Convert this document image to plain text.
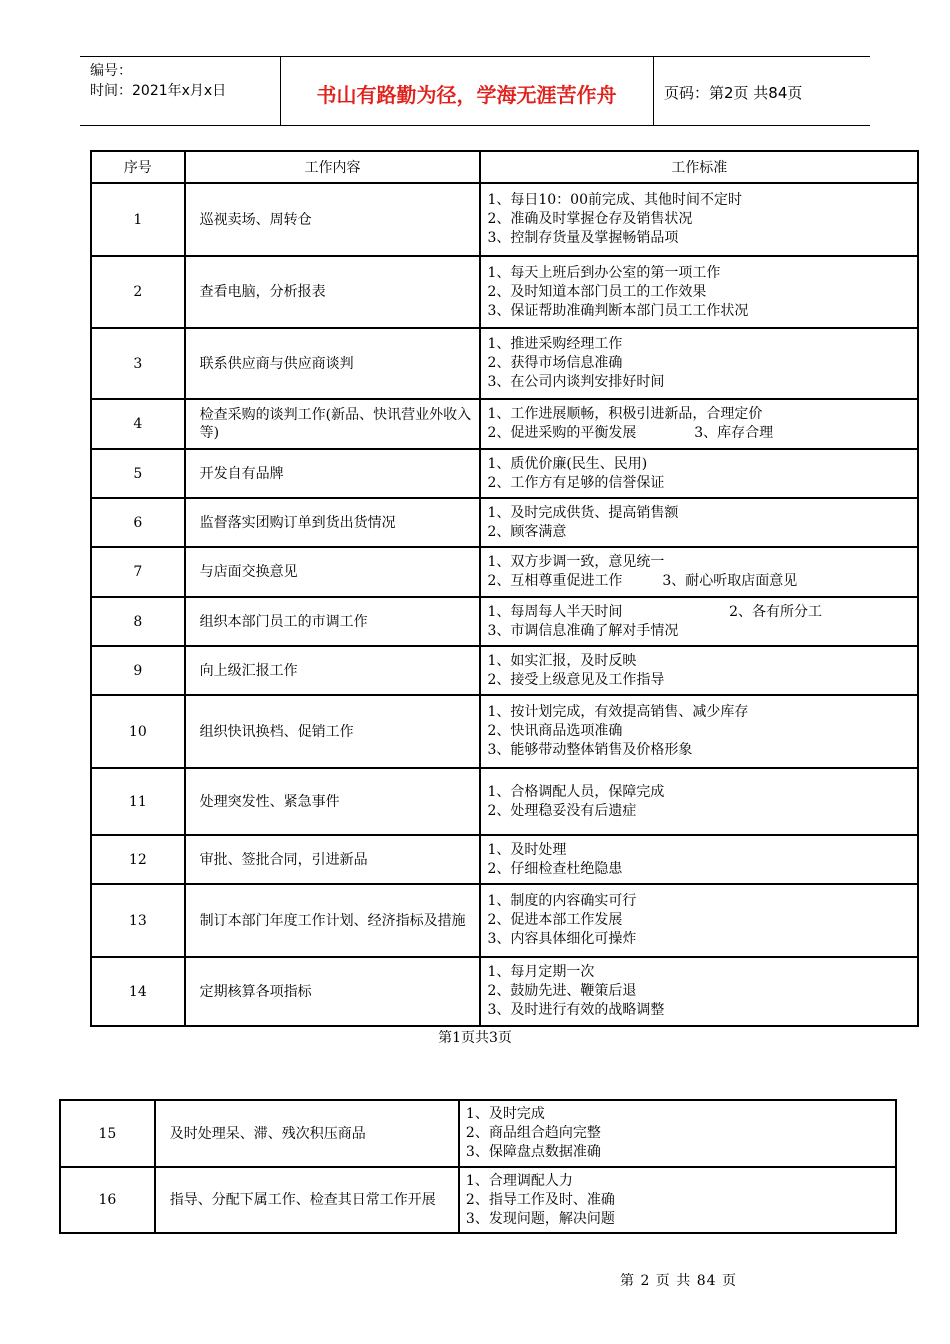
编号：
时间：2021年x月x日	书山有路勤为径，学海无涯苦作舟	页码：第2页 共84页
序号	工作内容	工作标准
1	巡视卖场、周转仓	1、每日10：00前完成、其他时间不定时
2、准确及时掌握仓存及销售状况
3、控制存货量及掌握畅销品项

2	查看电脑，分析报表	1、每天上班后到办公室的第一项工作
2、及时知道本部门员工的工作效果
3、保证帮助准确判断本部门员工工作状况

3	联系供应商与供应商谈判	1、推进采购经理工作
2、获得市场信息准确
3、在公司内谈判安排好时间

4	检查采购的谈判工作(新品、快讯营业外收入等)	1、工作进展顺畅，积极引进新品，合理定价
2、促进采购的平衡发展             3、库存合理

5	开发自有品牌	1、质优价廉(民生、民用)
2、工作方有足够的信誉保证

6	监督落实团购订单到货出货情况	1、及时完成供货、提高销售额
2、顾客满意

7	与店面交换意见	1、双方步调一致，意见统一
2、互相尊重促进工作         3、耐心听取店面意见

8	组织本部门员工的市调工作	1、每周每人半天时间                        2、各有所分工
3、市调信息准确了解对手情况

9	向上级汇报工作	1、如实汇报，及时反映
2、接受上级意见及工作指导

10	组织快讯换档、促销工作	1、按计划完成，有效提高销售、减少库存
2、快讯商品选项准确
3、能够带动整体销售及价格形象

11	处理突发性、紧急事件	1、合格调配人员，保障完成
2、处理稳妥没有后遗症

12	审批、签批合同，引进新品	1、及时处理
2、仔细检查杜绝隐患

13	制订本部门年度工作计划、经济指标及措施	1、制度的内容确实可行
2、促进本部工作发展
3、内容具体细化可操炸

14	定期核算各项指标	1、每月定期一次
2、鼓励先进、鞭策后退
3、及时进行有效的战略调整
第1页共3页
15	及时处理呆、滞、残次积压商品	1、及时完成
2、商品组合趋向完整
3、保障盘点数据准确

16	指导、分配下属工作、检查其日常工作开展	1、合理调配人力
2、指导工作及时、准确
3、发现问题，解决问题
第 2 页 共 84 页
